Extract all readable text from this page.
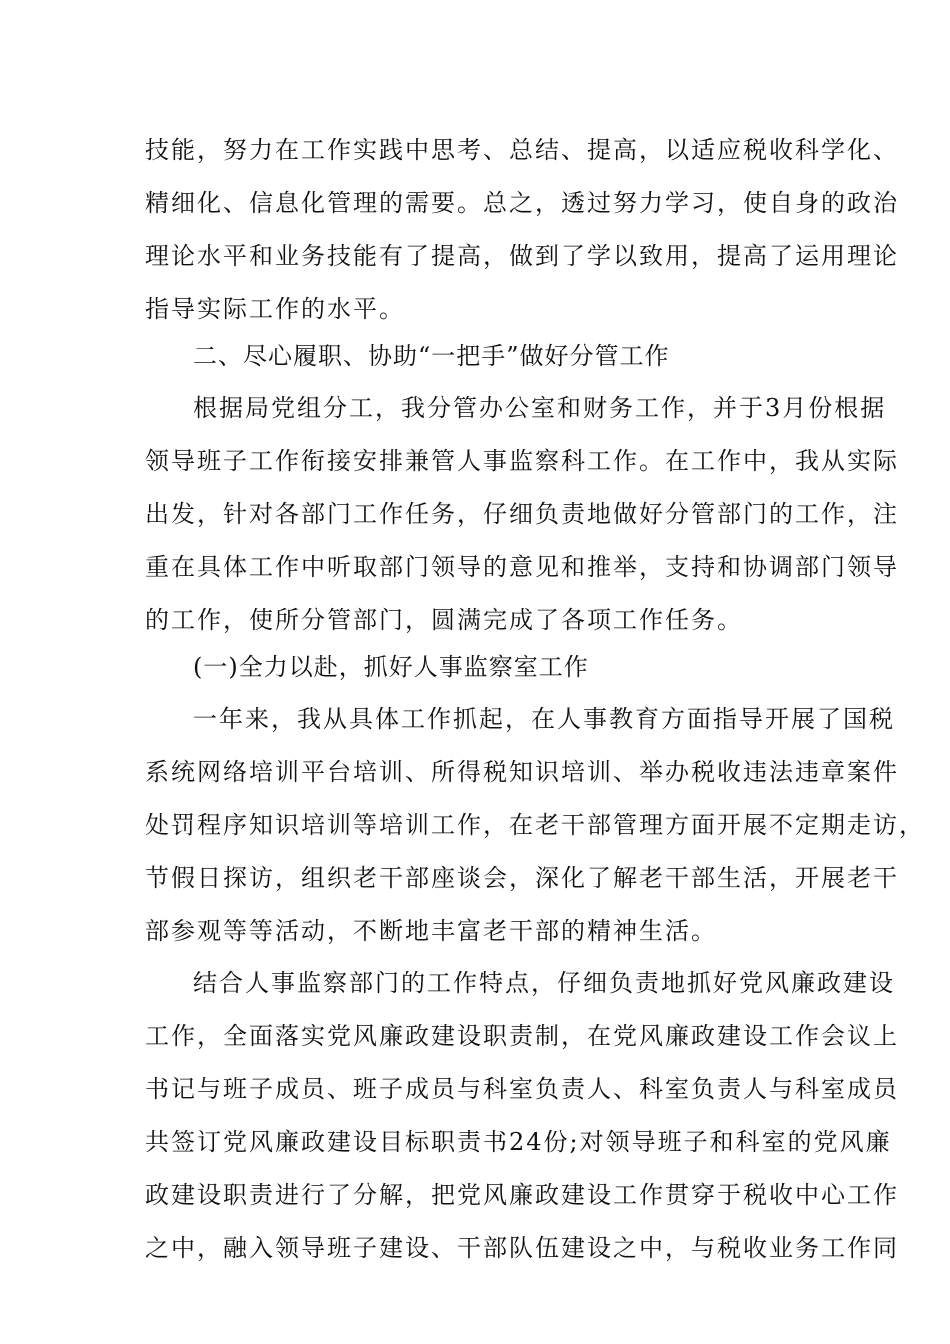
技能，努力在工作实践中思考、总结、提高，以适应税收科学化、
精细化、信息化管理的需要。总之，透过努力学习，使自身的政治
理论水平和业务技能有了提高，做到了学以致用，提高了运用理论
指导实际工作的水平。
二、尽心履职、协助“一把手”做好分管工作
根据局党组分工，我分管办公室和财务工作，并于3月份根据
领导班子工作衔接安排兼管人事监察科工作。在工作中，我从实际
出发，针对各部门工作任务，仔细负责地做好分管部门的工作，注
重在具体工作中听取部门领导的意见和推举，支持和协调部门领导
的工作，使所分管部门，圆满完成了各项工作任务。
(一)全力以赴，抓好人事监察室工作
一年来，我从具体工作抓起，在人事教育方面指导开展了国税
系统网络培训平台培训、所得税知识培训、举办税收违法违章案件
处罚程序知识培训等培训工作，在老干部管理方面开展不定期走访，
节假日探访，组织老干部座谈会，深化了解老干部生活，开展老干
部参观等等活动，不断地丰富老干部的精神生活。
结合人事监察部门的工作特点，仔细负责地抓好党风廉政建设
工作，全面落实党风廉政建设职责制，在党风廉政建设工作会议上
书记与班子成员、班子成员与科室负责人、科室负责人与科室成员
共签订党风廉政建设目标职责书24份;对领导班子和科室的党风廉
政建设职责进行了分解，把党风廉政建设工作贯穿于税收中心工作
之中，融入领导班子建设、干部队伍建设之中，与税收业务工作同
